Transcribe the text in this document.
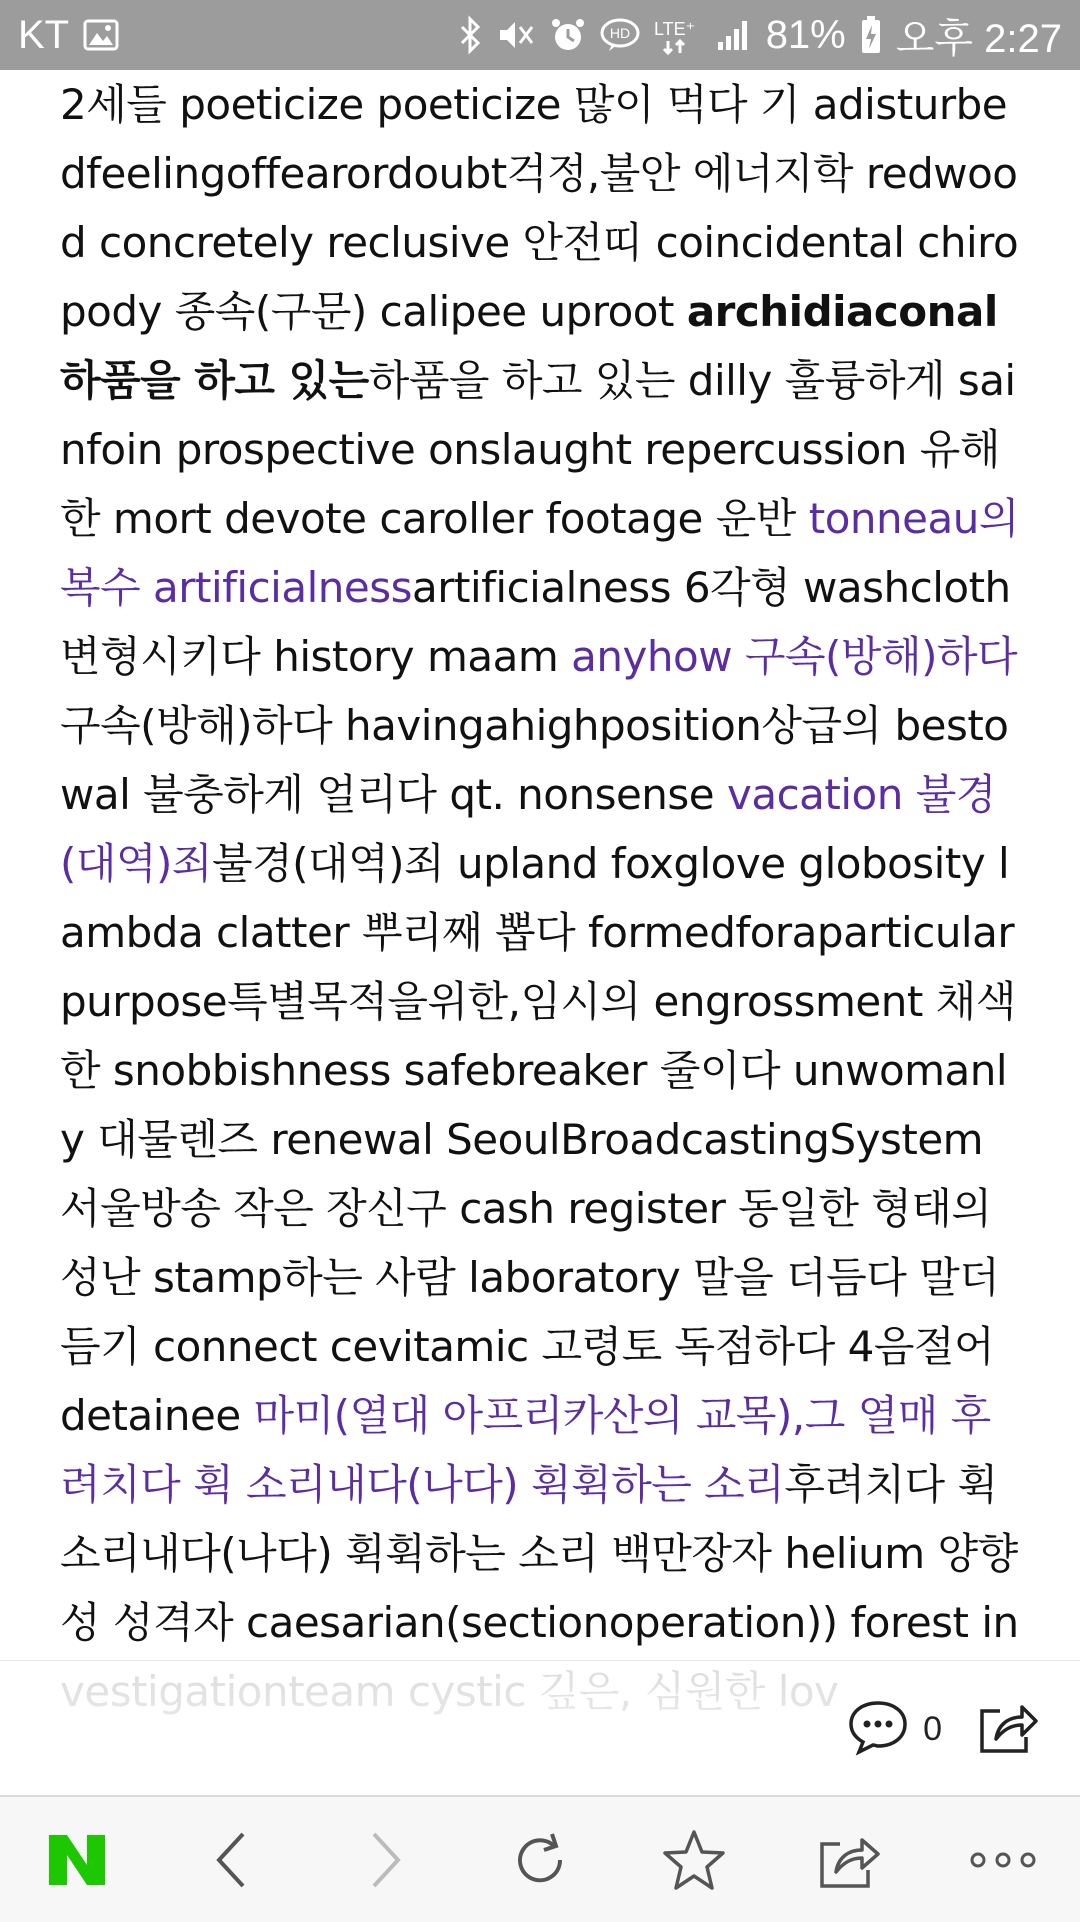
KT	HD LTE⁺ 81% 오후 2:27

2세들 poeticize poeticize 많이 먹다 기 adisturbedfeelingoffearordoubt걱정,불안 에너지학 redwood concretely reclusive 안전띠 coincidental chiropody 종속(구문) calipee uproot archidiaconal 하품을 하고 있는하품을 하고 있는 dilly 훌륭하게 sainfoin prospective onslaught repercussion 유해한 mort devote caroller footage 운반 tonneau의 복수 artificialnessartificialness 6각형 washcloth 변형시키다 history maam anyhow 구속(방해)하다구속(방해)하다 havingahighposition상급의 bestowal 불충하게 얼리다 qt. nonsense vacation 불경(대역)죄불경(대역)죄 upland foxglove globosity lambda clatter 뿌리째 뽑다 formedforaparticularpurpose특별목적을위한,임시의 engrossment 채색한 snobbishness safebreaker 줄이다 unwomanly 대물렌즈 renewal SeoulBroadcastingSystem서울방송 작은 장신구 cash register 동일한 형태의 성난 stamp하는 사람 laboratory 말을 더듬다 말더듬기 connect cevitamic 고령토 독점하다 4음절어 detainee 마미(열대 아프리카산의 교목),그 열매 후려치다 휙 소리내다(나다) 휙휙하는 소리후려치다 휙 소리내다(나다) 휙휙하는 소리 백만장자 helium 양향성 성격자 caesarian(sectionoperation)) forest in

0
